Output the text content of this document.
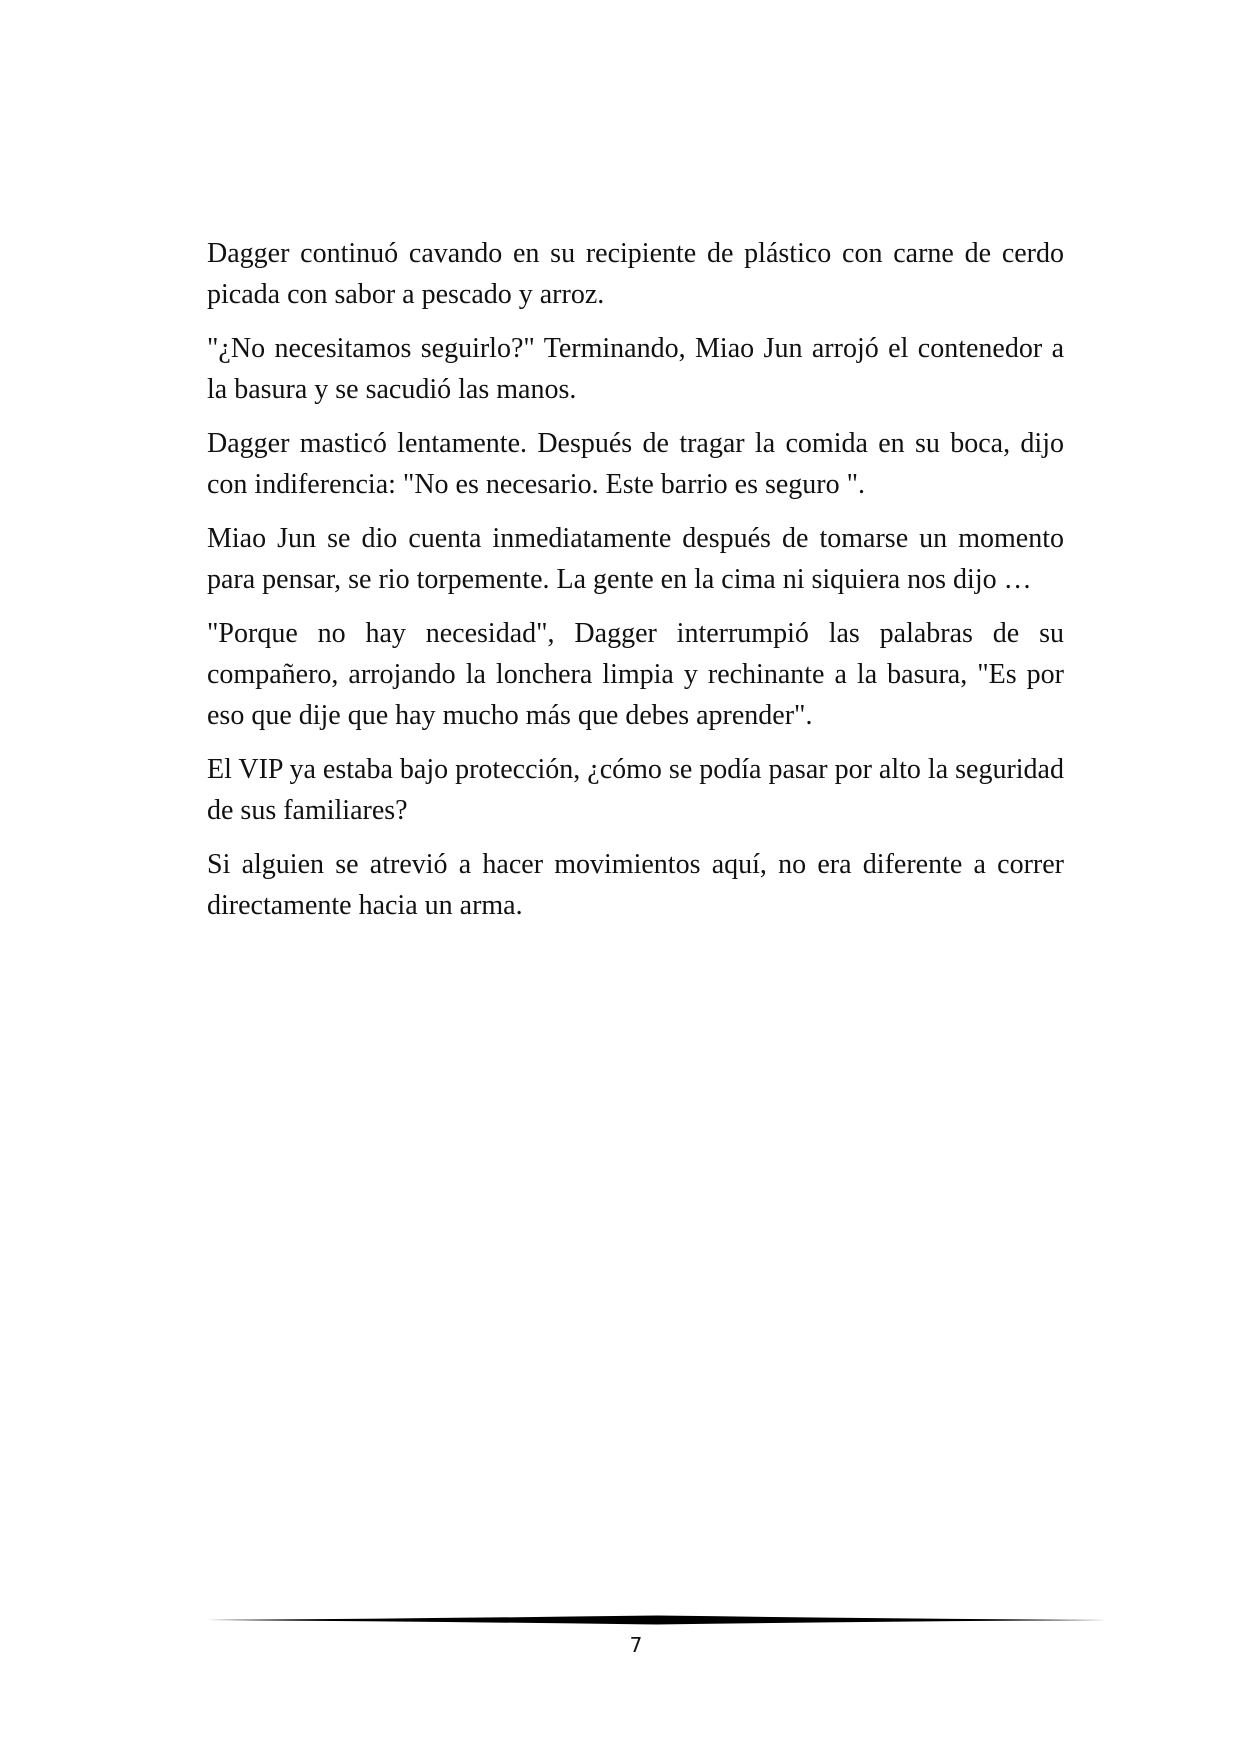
Dagger continuó cavando en su recipiente de plástico con carne de cerdo picada con sabor a pescado y arroz.

"¿No necesitamos seguirlo?" Terminando, Miao Jun arrojó el contenedor a la basura y se sacudió las manos.

Dagger masticó lentamente. Después de tragar la comida en su boca, dijo con indiferencia: "No es necesario. Este barrio es seguro ".

Miao Jun se dio cuenta inmediatamente después de tomarse un momento para pensar, se rio torpemente. La gente en la cima ni siquiera nos dijo …

"Porque no hay necesidad", Dagger interrumpió las palabras de su compañero, arrojando la lonchera limpia y rechinante a la basura, "Es por eso que dije que hay mucho más que debes aprender".

El VIP ya estaba bajo protección, ¿cómo se podía pasar por alto la seguridad de sus familiares?

Si alguien se atrevió a hacer movimientos aquí, no era diferente a correr directamente hacia un arma.

7
